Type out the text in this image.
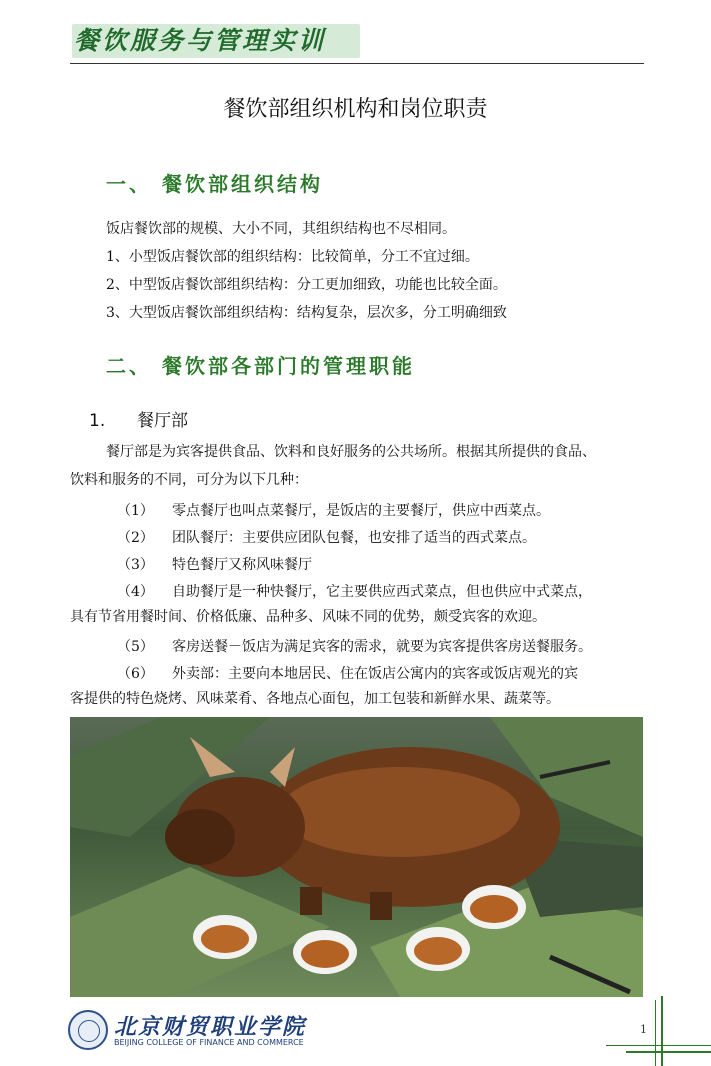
餐饮服务与管理实训
餐饮部组织机构和岗位职责
一、 餐饮部组织结构
饭店餐饮部的规模、大小不同，其组织结构也不尽相同。
1、小型饭店餐饮部的组织结构：比较简单，分工不宜过细。
2、中型饭店餐饮部组织结构：分工更加细致，功能也比较全面。
3、大型饭店餐饮部组织结构：结构复杂，层次多，分工明确细致
二、 餐饮部各部门的管理职能
1. 餐厅部
餐厅部是为宾客提供食品、饮料和良好服务的公共场所。根据其所提供的食品、
饮料和服务的不同，可分为以下几种：
（1） 零点餐厅也叫点菜餐厅，是饭店的主要餐厅，供应中西菜点。
（2） 团队餐厅：主要供应团队包餐，也安排了适当的西式菜点。
（3） 特色餐厅又称风味餐厅
（4） 自助餐厅是一种快餐厅，它主要供应西式菜点，但也供应中式菜点，
具有节省用餐时间、价格低廉、品种多、风味不同的优势，颇受宾客的欢迎。
（5） 客房送餐－饭店为满足宾客的需求，就要为宾客提供客房送餐服务。
（6） 外卖部：主要向本地居民、住在饭店公寓内的宾客或饭店观光的宾
客提供的特色烧烤、风味菜肴、各地点心面包，加工包装和新鲜水果、蔬菜等。
北京财贸职业学院
BEIJING COLLEGE OF FINANCE AND COMMERCE
1
